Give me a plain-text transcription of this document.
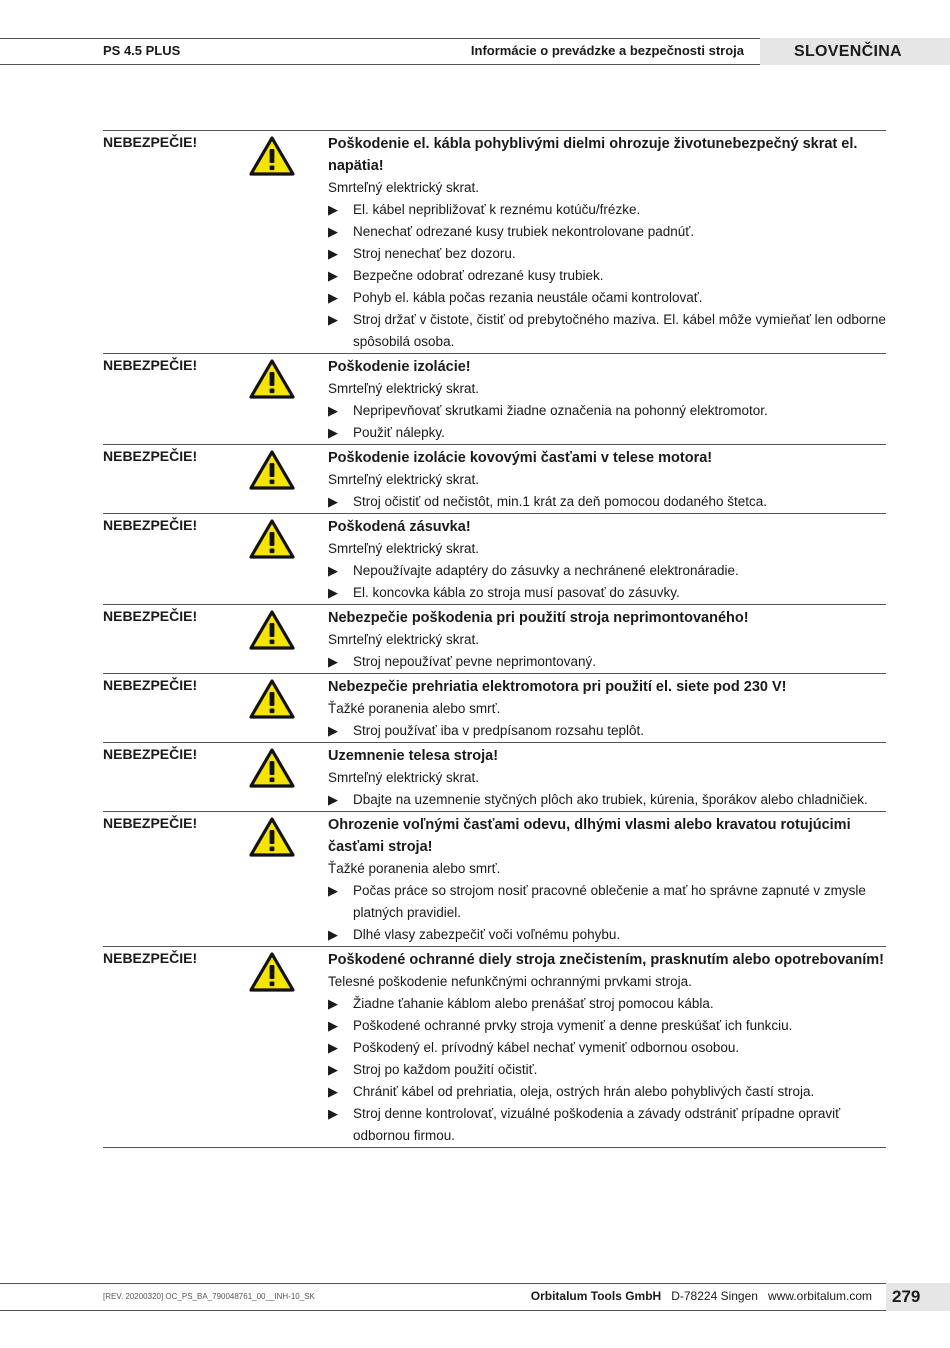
PS 4.5 PLUS	Informácie o prevádzke a bezpečnosti stroja	SLOVENČINA
NEBEZPEČIE!	Poškodenie el. kábla pohyblivými dielmi ohrozuje životunebezpečný skrat el. napätia!
Smrteľný elektrický skrat.
▶ El. kábel nepribližovať k reznému kotúču/frézke.
▶ Nenechať odrezané kusy trubiek nekontrolovane padnúť.
▶ Stroj nenechať bez dozoru.
▶ Bezpečne odobrať odrezané kusy trubiek.
▶ Pohyb el. kábla počas rezania neustále očami kontrolovať.
▶ Stroj držať v čistote, čistiť od prebytočného maziva. El. kábel môže vymieňať len odborne spôsobilá osoba.
NEBEZPEČIE!	Poškodenie izolácie!
Smrteľný elektrický skrat.
▶ Nepripevňovať skrutkami žiadne označenia na pohonný elektromotor.
▶ Použiť nálepky.
NEBEZPEČIE!	Poškodenie izolácie kovovými časťami v telese motora!
Smrteľný elektrický skrat.
▶ Stroj očistiť od nečistôt, min.1 krát za deň pomocou dodaného štetca.
NEBEZPEČIE!	Poškodená zásuvka!
Smrteľný elektrický skrat.
▶ Nepoužívajte adaptéry do zásuvky a nechránené elektronáradie.
▶ El. koncovka kábla zo stroja musí pasovať do zásuvky.
NEBEZPEČIE!	Nebezpečie poškodenia pri použití stroja neprimontovaného!
Smrteľný elektrický skrat.
▶ Stroj nepoužívať pevne neprimontovaný.
NEBEZPEČIE!	Nebezpečie prehriatia elektromotora pri použití el. siete pod 230 V!
Ťažké poranenia alebo smrť.
▶ Stroj používať iba v predpísanom rozsahu teplôt.
NEBEZPEČIE!	Uzemnenie telesa stroja!
Smrteľný elektrický skrat.
▶ Dbajte na uzemnenie styčných plôch ako trubiek, kúrenia, šporákov alebo chladničiek.
NEBEZPEČIE!	Ohrozenie voľnými časťami odevu, dlhými vlasmi alebo kravatou rotujúcimi časťami stroja!
Ťažké poranenia alebo smrť.
▶ Počas práce so strojom nosiť pracovné oblečenie a mať ho správne zapnuté v zmysle platných pravidiel.
▶ Dlhé vlasy zabezpečiť voči voľnému pohybu.
NEBEZPEČIE!	Poškodené ochranné diely stroja znečistením, prasknutím alebo opotrebovaním!
Telesné poškodenie nefunkčnými ochrannými prvkami stroja.
▶ Žiadne ťahanie káblom alebo prenášať stroj pomocou kábla.
▶ Poškodené ochranné prvky stroja vymeniť a denne preskúšať ich funkciu.
▶ Poškodený el. prívodný kábel nechať vymeniť odbornou osobou.
▶ Stroj po každom použití očistiť.
▶ Chrániť kábel od prehriatia, oleja, ostrých hrán alebo pohyblivých častí stroja.
▶ Stroj denne kontrolovať, vizuálné poškodenia a závady odstrániť prípadne opraviť odbornou firmou.
[REV. 20200320] OC_PS_BA_790048761_00__INH-10_SK	Orbitalum Tools GmbH D-78224 Singen www.orbitalum.com	279
